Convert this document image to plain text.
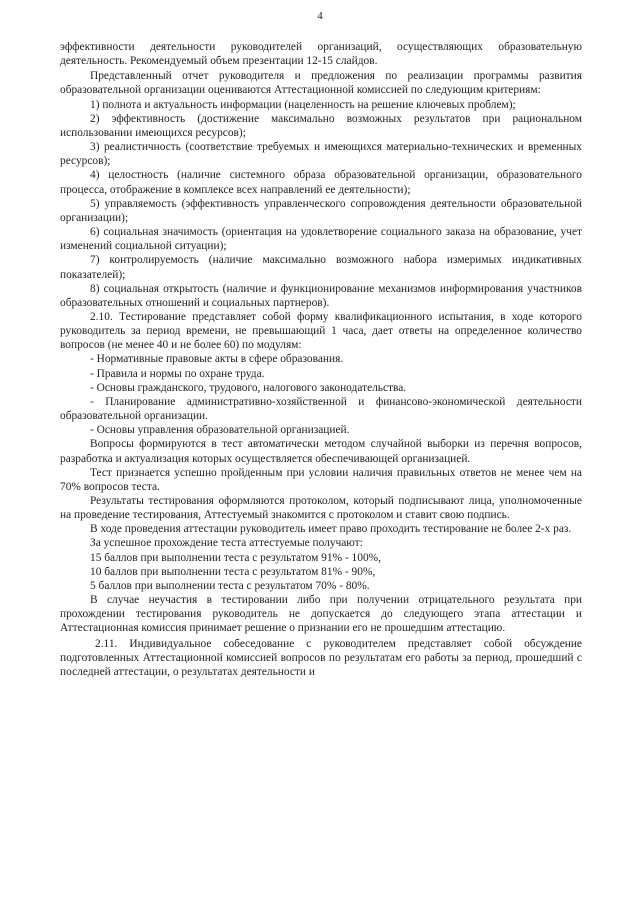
4

эффективности деятельности руководителей организаций, осуществляющих образовательную деятельность. Рекомендуемый объем презентации 12-15 слайдов.

Представленный отчет руководителя и предложения по реализации программы развития образовательной организации оцениваются Аттестационной комиссией по следующим критериям:

1) полнота и актуальность информации (нацеленность на решение ключевых проблем);

2) эффективность (достижение максимально возможных результатов при рациональном использовании имеющихся ресурсов);

3) реалистичность (соответствие требуемых и имеющихся материально-технических и временных ресурсов);

4) целостность (наличие системного образа образовательной организации, образовательного процесса, отображение в комплексе всех направлений ее деятельности);

5) управляемость (эффективность управленческого сопровождения деятельности образовательной организации);

6) социальная значимость (ориентация на удовлетворение социального заказа на образование, учет изменений социальной ситуации);

7) контролируемость (наличие максимально возможного набора измеримых индикативных показателей);

8) социальная открытость (наличие и функционирование механизмов информирования участников образовательных отношений и социальных партнеров).

2.10. Тестирование представляет собой форму квалификационного испытания, в ходе которого руководитель за период времени, не превышающий 1 часа, дает ответы на определенное количество вопросов (не менее 40 и не более 60) по модулям:

- Нормативные правовые акты в сфере образования.

- Правила и нормы по охране труда.

- Основы гражданского, трудового, налогового законодательства.

- Планирование административно-хозяйственной и финансово-экономической деятельности образовательной организации.

- Основы управления образовательной организацией.

Вопросы формируются в тест автоматически методом случайной выборки из перечня вопросов, разработка и актуализация которых осуществляется обеспечивающей организацией.

Тест признается успешно пройденным при условии наличия правильных ответов не менее чем на 70% вопросов теста.

Результаты тестирования оформляются протоколом, который подписывают лица, уполномоченные на проведение тестирования, Аттестуемый знакомится с протоколом и ставит свою подпись.

В ходе проведения аттестации руководитель имеет право проходить тестирование не более 2-х раз.

За успешное прохождение теста аттестуемые получают:

15 баллов при выполнении теста с результатом 91% - 100%,

10 баллов при выполнении теста с результатом 81% - 90%,

5 баллов при выполнении теста с результатом 70% - 80%.

В случае неучастия в тестировании либо при получении отрицательного результата при прохождении тестирования руководитель не допускается до следующего этапа аттестации и Аттестационная комиссия принимает решение о признании его не прошедшим аттестацию.

2.11. Индивидуальное собеседование с руководителем представляет собой обсуждение подготовленных Аттестационной комиссией вопросов по результатам его работы за период, прошедший с последней аттестации, о результатах деятельности и
